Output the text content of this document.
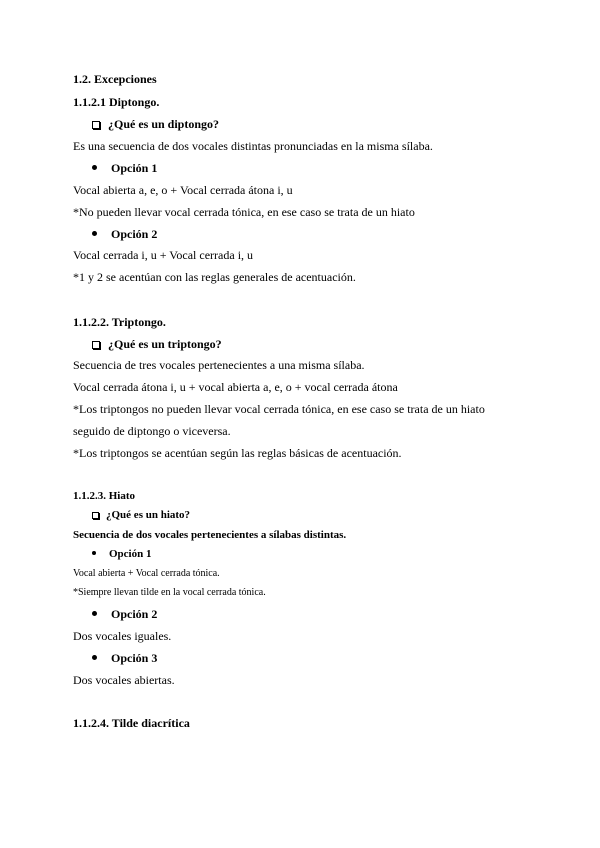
1.2. Excepciones
1.1.2.1 Diptongo.
¿Qué es un diptongo?
Es una secuencia de dos vocales distintas pronunciadas en la misma sílaba.
Opción 1
Vocal abierta a, e, o + Vocal cerrada átona i, u
*No pueden llevar vocal cerrada tónica, en ese caso se trata de un hiato
Opción 2
Vocal cerrada i, u + Vocal cerrada i, u
*1 y 2 se acentúan con las reglas generales de acentuación.
1.1.2.2. Triptongo.
¿Qué es un triptongo?
Secuencia de tres vocales pertenecientes a una misma sílaba.
Vocal cerrada átona i, u + vocal abierta a, e, o + vocal cerrada átona
*Los triptongos no pueden llevar vocal cerrada tónica, en ese caso se trata de un hiato
seguido de diptongo o viceversa.
*Los triptongos se acentúan según las reglas básicas de acentuación.
1.1.2.3. Hiato
¿Qué es un hiato?
Secuencia de dos vocales pertenecientes a sílabas distintas.
Opción 1
Vocal abierta + Vocal cerrada tónica.
*Siempre llevan tilde en la vocal cerrada tónica.
Opción 2
Dos vocales iguales.
Opción 3
Dos vocales abiertas.
1.1.2.4. Tilde diacrítica
